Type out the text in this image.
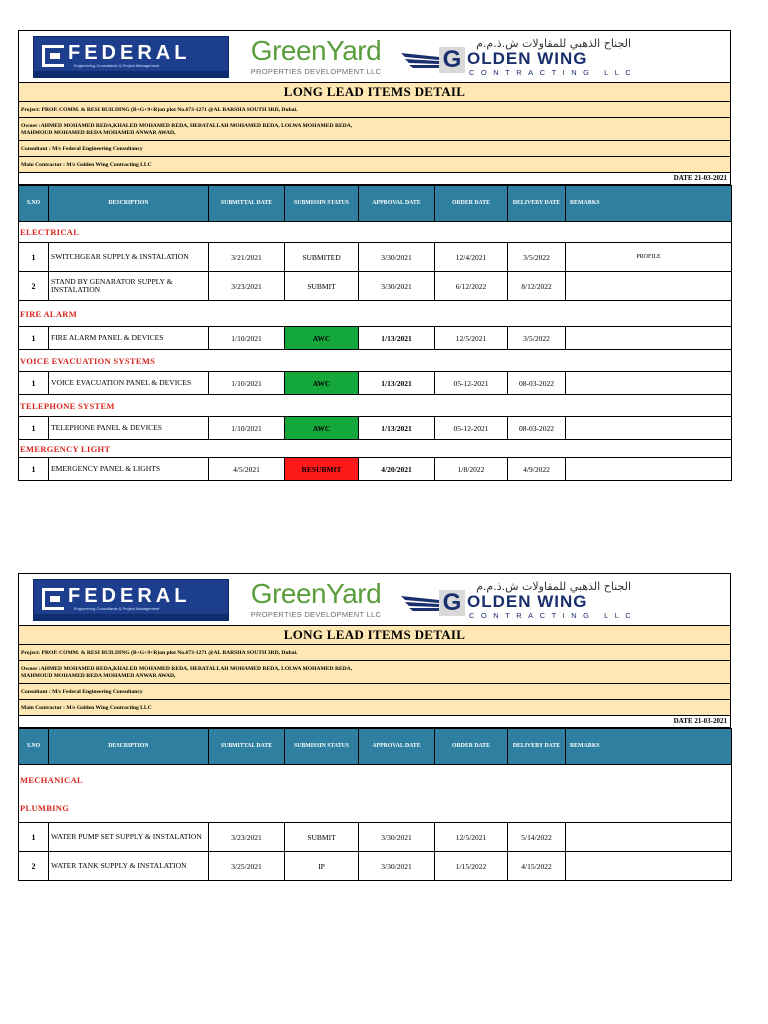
FEDERAL
Engineering Consultants & Project Management	GreenYard
PROPERTIES DEVELOPMENT LLC	G
الجناح الذهبي للمقاولات ش.ذ.م.م
OLDEN WING
CONTRACTING LLC
LONG LEAD ITEMS DETAIL
Project: PROP. COMM. & RESI BUILDING (B+G+9+R)on plot No.673-1271 @AL BARSHA SOUTH 3RD, Dubai.
Owner :AHMED MOHAMED REDA,KHALED MOHAMED REDA, HEBATALLAH MOHAMED REDA, LOLWA MOHAMED REDA,
MAHMOUD MOHAMED REDA MOHAMED ANWAR AWAD,
Consultant : M/s Federal Engineering Consultancy
Main Contractor : M/s Golden Wing Contracting LLC
DATE 21-03-2021
S.NO	DESCRIPTION	SUBMITTAL DATE	SUBMISSIN STATUS	APPROVAL DATE	ORDER DATE	DELIVERY DATE	REMARKS
ELECTRICAL							
1	SWITCHGEAR SUPPLY & INSTALATION	3/21/2021	SUBMITED	3/30/2021	12/4/2021	3/5/2022	PROFILE
2	STAND BY GENARATOR SUPPLY & INSTALATION	3/23/2021	SUBMIT	3/30/2021	6/12/2022	8/12/2022	
FIRE ALARM							
1	FIRE ALARM PANEL & DEVICES	1/10/2021	AWC	1/13/2021	12/5/2021	3/5/2022	
VOICE EVACUATION SYSTEMS							
1	VOICE EVACUATION PANEL & DEVICES	1/10/2021	AWC	1/13/2021	05-12-2021	08-03-2022	
TELEPHONE SYSTEM							
1	TELEPHONE PANEL & DEVICES	1/10/2021	AWC	1/13/2021	05-12-2021	08-03-2022	
EMERGENCY LIGHT							
1	EMERGENCY PANEL & LIGHTS	4/5/2021	RESUBMIT	4/20/2021	1/8/2022	4/9/2022	
FEDERAL
Engineering Consultants & Project Management	GreenYard
PROPERTIES DEVELOPMENT LLC	G
الجناح الذهبي للمقاولات ش.ذ.م.م
OLDEN WING
CONTRACTING LLC
LONG LEAD ITEMS DETAIL
Project: PROP. COMM. & RESI BUILDING (B+G+9+R)on plot No.673-1271 @AL BARSHA SOUTH 3RD, Dubai.
Owner :AHMED MOHAMED REDA,KHALED MOHAMED REDA, HEBATALLAH MOHAMED REDA, LOLWA MOHAMED REDA,
MAHMOUD MOHAMED REDA MOHAMED ANWAR AWAD,
Consultant : M/s Federal Engineering Consultancy
Main Contractor : M/s Golden Wing Contracting LLC
DATE 21-03-2021
S.NO	DESCRIPTION	SUBMITTAL DATE	SUBMISSIN STATUS	APPROVAL DATE	ORDER DATE	DELIVERY DATE	REMARKS
MECHANICAL							
PLUMBING							
1	WATER PUMP SET SUPPLY & INSTALATION	3/23/2021	SUBMIT	3/30/2021	12/5/2021	5/14/2022	
2	WATER TANK SUPPLY & INSTALATION	3/25/2021	IP	3/30/2021	1/15/2022	4/15/2022	
